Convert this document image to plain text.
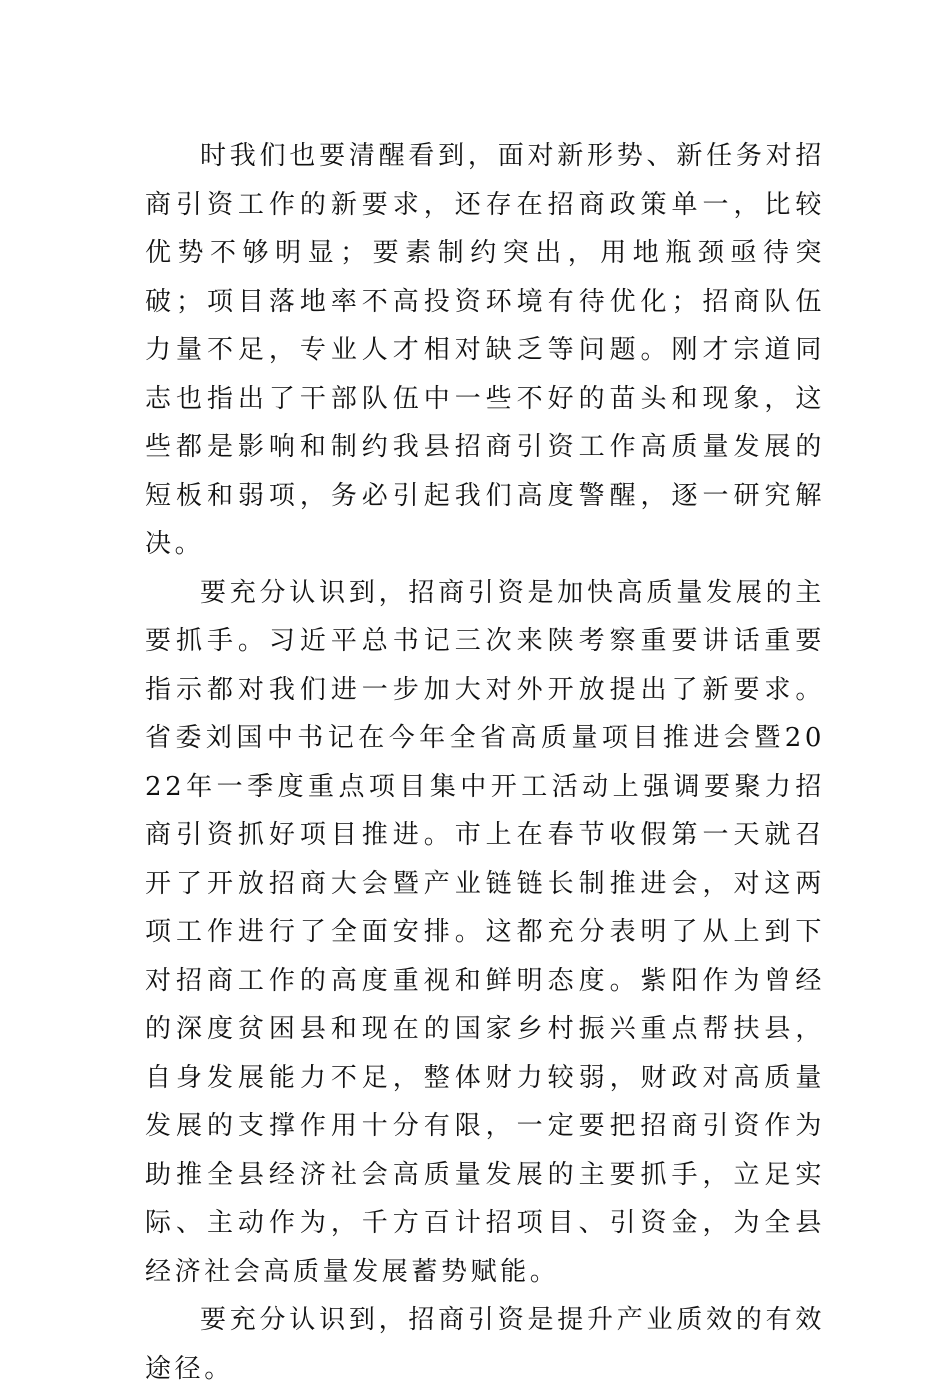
时我们也要清醒看到，面对新形势、新任务对招商引资工作的新要求，还存在招商政策单一，比较优势不够明显；要素制约突出，用地瓶颈亟待突破；项目落地率不高投资环境有待优化；招商队伍力量不足，专业人才相对缺乏等问题。刚才宗道同志也指出了干部队伍中一些不好的苗头和现象，这些都是影响和制约我县招商引资工作高质量发展的短板和弱项，务必引起我们高度警醒，逐一研究解决。

要充分认识到，招商引资是加快高质量发展的主要抓手。习近平总书记三次来陕考察重要讲话重要指示都对我们进一步加大对外开放提出了新要求。省委刘国中书记在今年全省高质量项目推进会暨2022年一季度重点项目集中开工活动上强调要聚力招商引资抓好项目推进。市上在春节收假第一天就召开了开放招商大会暨产业链链长制推进会，对这两项工作进行了全面安排。这都充分表明了从上到下对招商工作的高度重视和鲜明态度。紫阳作为曾经的深度贫困县和现在的国家乡村振兴重点帮扶县，自身发展能力不足，整体财力较弱，财政对高质量发展的支撑作用十分有限，一定要把招商引资作为助推全县经济社会高质量发展的主要抓手，立足实际、主动作为，千方百计招项目、引资金，为全县经济社会高质量发展蓄势赋能。

要充分认识到，招商引资是提升产业质效的有效途径。
